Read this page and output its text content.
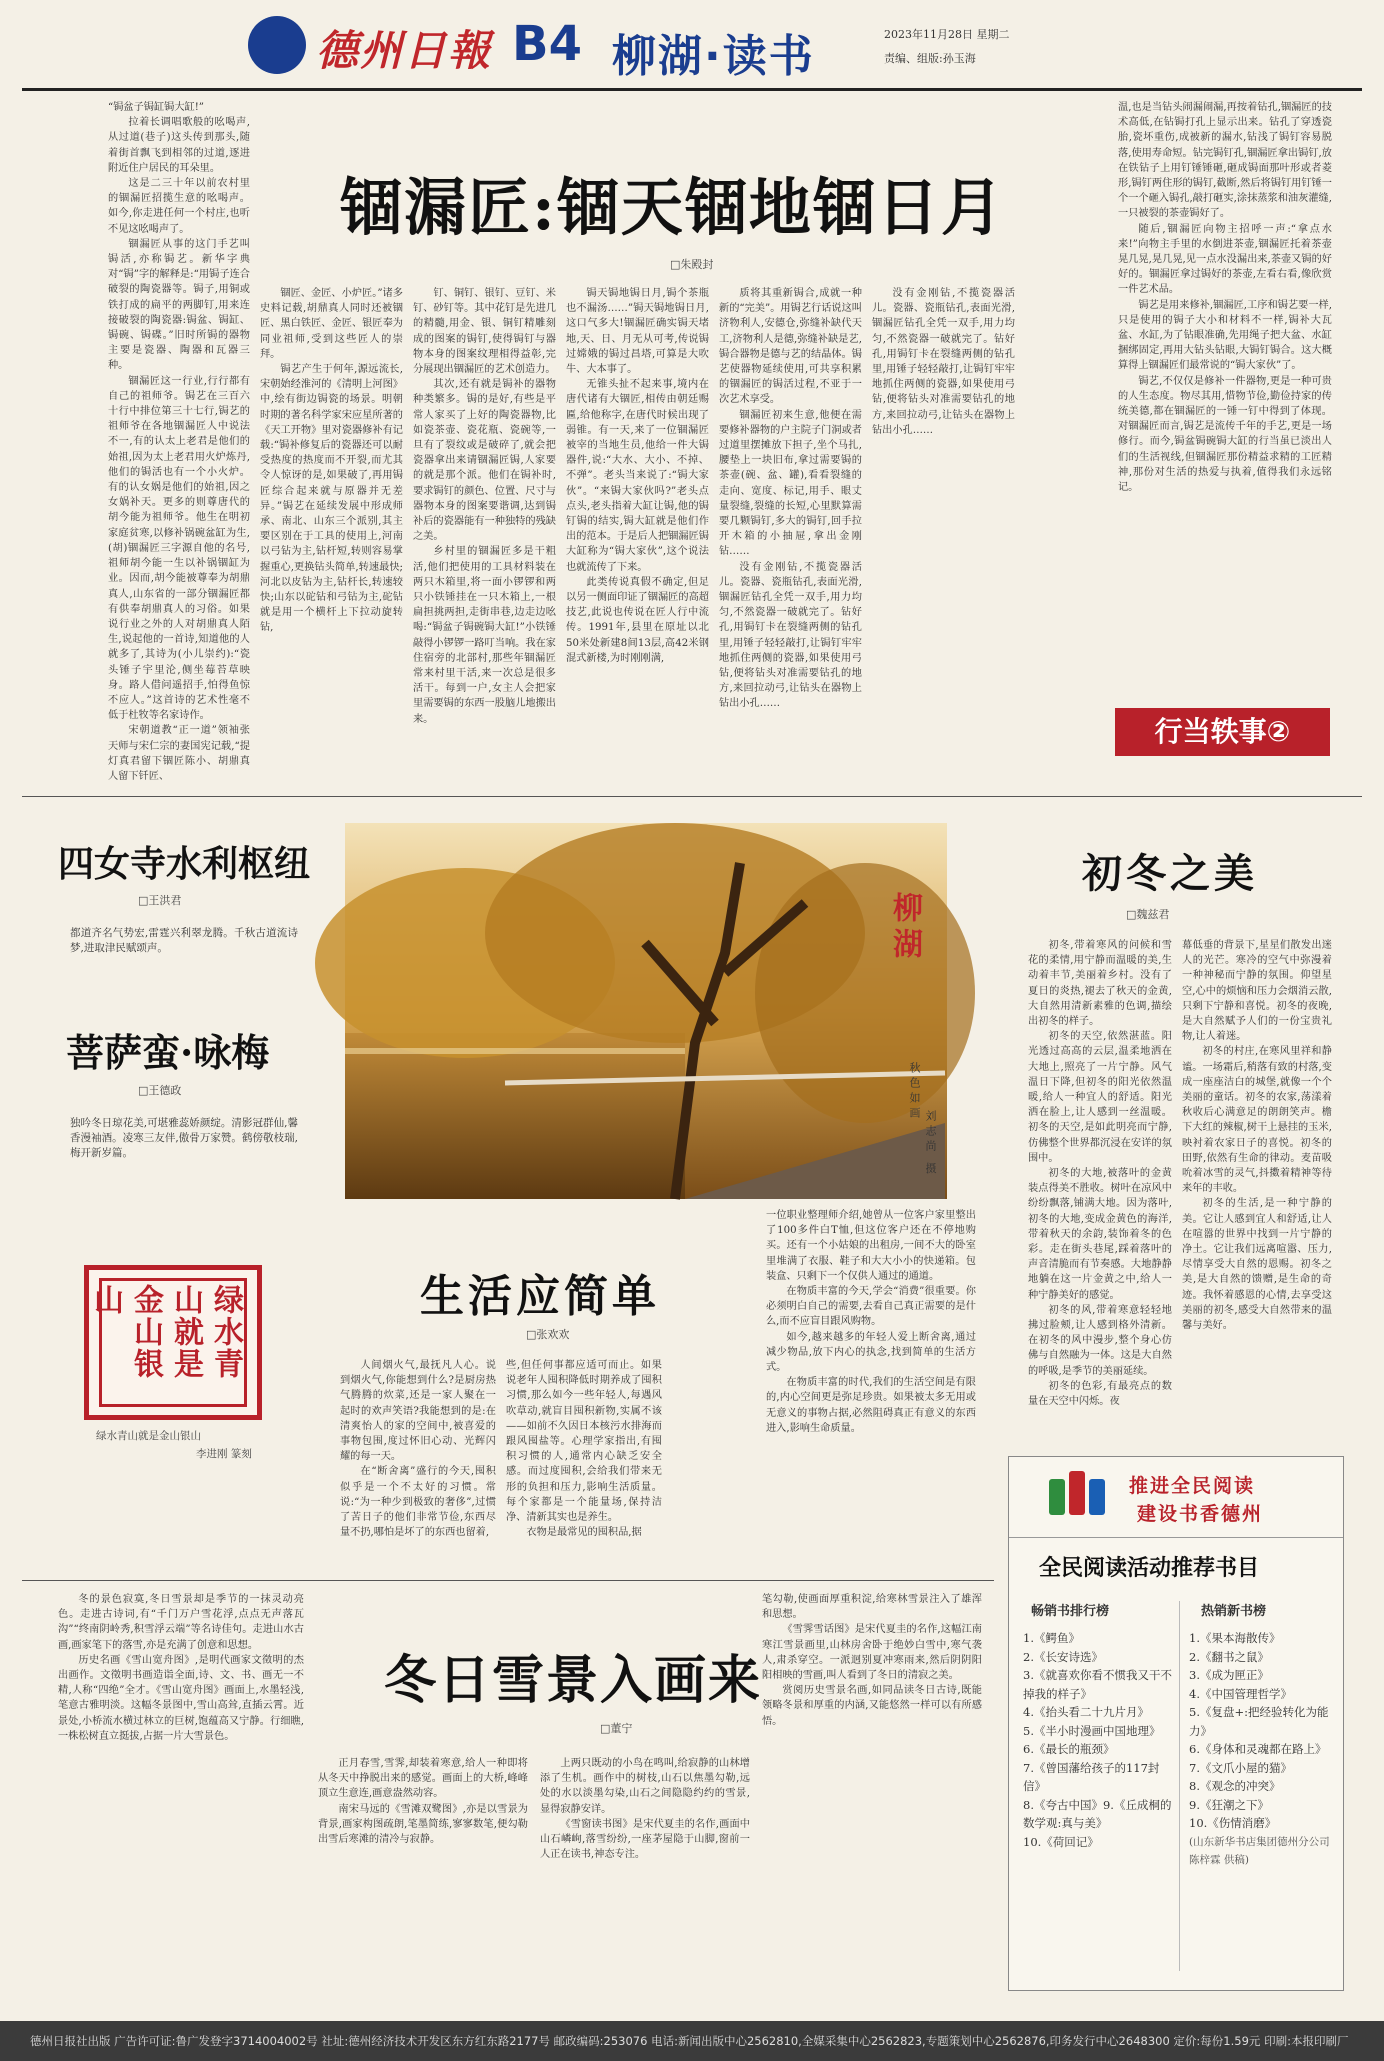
德州日報 B4 柳湖·读书	2023年11月28日 星期二
责编、组版:孙玉海

“锔盆子锔缸锔大缸!”

拉着长调唱歌般的吆喝声,从过道(巷子)这头传到那头,随着街首飘飞到相邻的过道,逐进附近住户居民的耳朵里。

这是二三十年以前农村里的锢漏匠招揽生意的吆喝声。如今,你走进任何一个村庄,也听不见这吆喝声了。

锢漏匠从事的这门手艺叫锔活,亦称锔艺。新华字典对“锔”字的解释是:“用锔子连合破裂的陶瓷器等。锔子,用铜或铁打成的扁平的两脚钉,用来连接破裂的陶瓷器:锔盆、锔缸、锔碗、锔碟。”旧时所锔的器物主要是瓷器、陶器和瓦器三种。

锢漏匠这一行业,行行都有自己的祖师爷。锔艺在三百六十行中排位第三十七行,锔艺的祖师爷在各地锢漏匠人中说法不一,有的认太上老君是他们的始祖,因为太上老君用火炉炼丹,他们的锔活也有一个小火炉。有的认女娲是他们的始祖,因之女娲补天。更多的则尊唐代的胡今能为祖师爷。他生在明初家庭贫寒,以修补锅碗盆缸为生,(胡)锢漏匠三字源自他的名号,祖师胡今能一生以补锅锢缸为业。因而,胡今能被尊奉为胡鼎真人,山东省的一部分锢漏匠都有供奉胡鼎真人的习俗。如果说行业之外的人对胡鼎真人陌生,说起他的一首诗,知道他的人就多了,其诗为(小儿崇约):“瓷头锤子宇里沦,侧坐莓苔草映身。路人借问遥招手,怕得鱼惊不应人。”这首诗的艺术性毫不低于杜牧等名家诗作。

宋朝道教“正一道”领袖张天师与宋仁宗的妻国宪记载,“提灯真君留下锢匠陈小、胡鼎真人留下钎匠、

锢漏匠:锢天锢地锢日月
□朱殿封

锢匠、金匠、小炉匠。”诸多史料记载,胡鼎真人同时还被锢匠、黑白铁匠、金匠、银匠奉为同业祖师,受到这些匠人的崇拜。

锔艺产生于何年,源远流长,宋朝始经淮河的《清明上河图》中,绘有街边锔瓷的场景。明朝时期的著名科学家宋应星所著的《天工开物》里对瓷器修补有记载:“锔补修复后的瓷器还可以耐受热度的热度而不开裂,而尤其令人惊讶的是,如果破了,再用锔匠综合起来就与原器并无差异。”锔艺在延续发展中形成师承、南北、山东三个派别,其主要区别在于工具的使用上,河南以弓钻为主,钻杆短,转则容易掌握重心,更换钻头简单,转速最快;河北以皮钻为主,钻杆长,转速较快;山东以砣钻和弓钻为主,砣钻就是用一个横杆上下拉动旋转钻,

钉、铜钉、银钉、豆钉、米钉、砂钉等。其中花钉是先进几的精髓,用金、银、铜钉精雕刻成的图案的锔钉,使得锔钉与器物本身的图案纹理相得益彰,完分展现出锢漏匠的艺术创造力。

其次,还有就是锔补的器物种类繁多。锔的是好,有些是平常人家买了上好的陶瓷器物,比如瓷茶壶、瓷花瓶、瓷碗等,一旦有了裂纹或是破碎了,就会把瓷器拿出来请锢漏匠锔,人家要的就是那个派。他们在锔补时,要求锔钉的颜色、位置、尺寸与器物本身的图案要谐调,达到锔补后的瓷器能有一种独特的残缺之美。

乡村里的锢漏匠多是干粗活,他们把使用的工具材料装在两只木箱里,将一面小锣锣和两只小铁锤挂在一只木箱上,一根扁担挑两担,走街串巷,边走边吆喝:“锔盆子锔碗锔大缸!”小铁锤敲得小锣锣一路叮当响。我在家住宿旁的北部村,那些年锢漏匠常来村里干活,来一次总是很多活干。每到一户,女主人会把家里需要锔的东西一股脑儿地搬出来。

锔天锔地锔日月,锔个茶瓶也不漏汤……”锔天锔地锔日月,这口气多大!锢漏匠确实锔天堵地,天、日、月无从可考,传说锔过嫦娥的锔过昌塔,可算是大吹牛、大本事了。

无锥头扯不起来事,境内在唐代诸有大锢匠,相传由朝廷赐匾,给他称字,在唐代时候出现了弱锥。有一天,来了一位锢漏匠被宰的当地生员,他给一件大锔器件,说:“大水、大小、不掉、不弹”。老头当来说了:“锔大家伙”。“来锔大家伙吗?”老头点点头,老头指着大缸让锔,他的锔钉锔的结实,锔大缸就是他们作出的范本。于是后人把锢漏匠锔大缸称为“锔大家伙”,这个说法也就流传了下来。

此类传说真假不确定,但足以另一侧面印证了锢漏匠的高超技艺,此说也传说在匠人行中流传。1991年,县里在原址以北50米处新建8间13层,高42米钢混式新楼,为时刚刚满,

质将其重新锔合,成就一种新的“完美”。用锔艺行话说这叫济物利人,安德仓,弥缝补缺代天工,济物利人是德,弥缝补缺是艺,锔合器物是德与艺的结晶体。锔艺使器物延续使用,可共享积累的锢漏匠的锔活过程,不亚于一次艺术享受。

锢漏匠初来生意,他便在需要修补器物的户主院子门洞或者过道里摆摊放下担子,坐个马扎,腰垫上一块旧布,拿过需要锔的茶壶(碗、盆、罐),看看裂缝的走向、宽度、标记,用手、眼丈量裂缝,裂缝的长短,心里默算需要几颗锔钉,多大的锔钉,回手拉开木箱的小抽屉,拿出金刚钻……

没有金刚钻,不揽瓷器活儿。瓷器、瓷瓶钻孔,表面光滑,锢漏匠钻孔全凭一双手,用力均匀,不然瓷器一破就完了。钻好孔,用锔钉卡在裂缝两侧的钻孔里,用锤子轻轻敲打,让锔钉牢牢地抓住两侧的瓷器,如果使用弓钻,便将钻头对准需要钻孔的地方,来回拉动弓,让钻头在器物上钻出小孔……

没有金刚钻,不揽瓷器活儿。瓷器、瓷瓶钻孔,表面光滑,锢漏匠钻孔全凭一双手,用力均匀,不然瓷器一破就完了。钻好孔,用锔钉卡在裂缝两侧的钻孔里,用锤子轻轻敲打,让锔钉牢牢地抓住两侧的瓷器,如果使用弓钻,便将钻头对准需要钻孔的地方,来回拉动弓,让钻头在器物上钻出小孔……

温,也是当钻头闹漏闹漏,再按着钻孔,锢漏匠的技术高低,在钻锔打孔上显示出来。钻孔了穿透瓷胎,瓷坏重伤,成被新的漏水,钻浅了锔钉容易脱落,使用寿命短。钻完锔钉孔,锢漏匠拿出锔钉,放在铁钻子上用钉锤锤砸,砸成锔面那叶形或者菱形,锔钉两住形的锔钉,截断,然后将锔钉用钉锤一个一个砸入锔孔,敲打砸实,涂抹蒸浆和油灰灌缝,一只被裂的茶壶锔好了。

随后,锢漏匠向物主招呼一声:“拿点水来!”向物主手里的水倒进茶壶,锢漏匠托着茶壶晃几晃,晃几晃,见一点水没漏出来,茶壶又锔的好好的。锢漏匠拿过锔好的茶壶,左看右看,像欣赏一件艺术品。

锔艺是用来修补,锢漏匠,工序和锔艺要一样,只是使用的锔子大小和材料不一样,锔补大瓦盆、水缸,为了钻眼准确,先用绳子把大盆、水缸捆绑固定,再用大钻头钻眼,大锔钉锔合。这大概算得上锢漏匠们最常说的“锔大家伙”了。

锔艺,不仅仅是修补一件器物,更是一种可贵的人生态度。物尽其用,惜物节俭,勤俭持家的传统美德,都在锢漏匠的一锤一钉中得到了体现。对锢漏匠而言,锔艺是流传千年的手艺,更是一场修行。而今,锔盆锔碗锔大缸的行当虽已淡出人们的生活视线,但锢漏匠那份精益求精的工匠精神,那份对生活的热爱与执着,值得我们永远铭记。

行当轶事②
四女寺水利枢纽
□王洪君

都道齐名气势宏,雷霆兴利翠龙腾。千秋古道流诗梦,进取津民赋颂声。

菩萨蛮·咏梅
□王德政

独吟冬日琼花美,可堪雅蕊娇颜绽。清影冠群仙,馨香漫袖酒。凌寒三友伴,傲骨万家赞。鹤傍敬枝瑞,梅开新岁篇。

绿水青山就是金山银山
绿水青山就是金山银山
李进刚 篆刻
柳湖
秋色如画
刘志尚 摄
初冬之美
□魏兹君

初冬,带着寒风的问候和雪花的柔情,用宁静而温暖的美,生动着丰节,美丽着乡村。没有了夏日的炎热,褪去了秋天的金黄,大自然用清新素雅的色调,描绘出初冬的样子。

初冬的天空,依然湛蓝。阳光透过高高的云层,温柔地洒在大地上,照亮了一片宁静。风气温日下降,但初冬的阳光依然温暖,给人一种宜人的舒适。阳光洒在脸上,让人感到一丝温暖。初冬的天空,是如此明亮而宁静,仿佛整个世界都沉浸在安详的氛围中。

初冬的大地,被落叶的金黄装点得美不胜收。树叶在凉风中纷纷飘落,铺满大地。因为落叶,初冬的大地,变成金黄色的海洋,带着秋天的余韵,装饰着冬的色彩。走在街头巷尾,踩着落叶的声音清脆而有节奏感。大地静静地躺在这一片金黄之中,给人一种宁静美好的感觉。

初冬的风,带着寒意轻轻地拂过脸颊,让人感到格外清新。在初冬的风中漫步,整个身心仿佛与自然融为一体。这是大自然的呼吸,是季节的美丽延续。

初冬的色彩,有最亮点的数量在天空中闪烁。夜

幕低垂的背景下,星星们散发出迷人的光芒。寒冷的空气中弥漫着一种神秘而宁静的氛围。仰望星空,心中的烦恼和压力会烟消云散,只剩下宁静和喜悦。初冬的夜晚,是大自然赋予人们的一份宝贵礼物,让人着迷。

初冬的村庄,在寒风里祥和静谧。一场霜后,稍落有致的村落,变成一座座洁白的城堡,就像一个个美丽的童话。初冬的农家,荡漾着秋收后心满意足的朗朗笑声。檐下大红的辣椒,树干上悬挂的玉米,映衬着农家日子的喜悦。初冬的田野,依然有生命的律动。麦苗吸吮着冰雪的灵气,抖擞着精神等待来年的丰收。

初冬的生活,是一种宁静的美。它让人感到宜人和舒适,让人在喧嚣的世界中找到一片宁静的净土。它让我们远离喧嚣、压力,尽情享受大自然的恩赐。初冬之美,是大自然的馈赠,是生命的奇迹。我怀着感恩的心情,去享受这美丽的初冬,感受大自然带来的温馨与美好。

生活应简单
□张欢欢

人间烟火气,最抚凡人心。说到烟火气,你能想到什么?是厨房热气腾腾的炊菜,还是一家人聚在一起时的欢声笑语?我能想到的是:在清爽怡人的家的空间中,被喜爱的事物包围,度过怀旧心动、光辉闪耀的每一天。

在“断舍离”盛行的今天,囤积似乎是一个不太好的习惯。常说:“为一种少到极致的奢侈”,过惯了苦日子的他们非常节俭,东西尽量不扔,哪怕是坏了的东西也留着,

些,但任何事都应适可而止。如果说老年人囤积降低时期养成了囤积习惯,那么如今一些年轻人,每遇风吹草动,就盲目囤积新物,实属不该——如前不久因日本核污水排海而跟风囤盐等。心理学家指出,有囤积习惯的人,通常内心缺乏安全感。而过度囤积,会给我们带来无形的负担和压力,影响生活质量。每个家都是一个能量场,保持洁净、清新其实也是养生。

衣物是最常见的囤积品,据

一位职业整理师介绍,她曾从一位客户家里整出了100多件白T恤,但这位客户还在不停地购买。还有一个小姑娘的出租房,一间不大的卧室里堆满了衣服、鞋子和大大小小的快递箱。包装盒、只剩下一个仅供人通过的通道。

在物质丰富的今天,学会“消费”很重要。你必须明白自己的需要,去看自己真正需要的是什么,而不应盲目跟风购物。

如今,越来越多的年轻人爱上断舍离,通过减少物品,放下内心的执念,找到简单的生活方式。

在物质丰富的时代,我们的生活空间是有限的,内心空间更是弥足珍贵。如果被太多无用或无意义的事物占据,必然阻碍真正有意义的东西进入,影响生命质量。

冬的景色寂寞,冬日雪景却是季节的一抹灵动亮色。走进古诗词,有“千门万户雪花浮,点点无声落瓦沟”“终南阴岭秀,积雪浮云端”等名诗佳句。走进山水古画,画家笔下的落雪,亦是充满了创意和思想。

历史名画《雪山宽舟图》,是明代画家文徵明的杰出画作。文徵明书画造诣全面,诗、文、书、画无一不精,人称“四绝”全才。《雪山宽舟图》画面上,水墨轻浅,笔意古雅明淡。这幅冬景图中,雪山高耸,直插云霄。近景处,小桥流水横过林立的巨树,饱蕴高又宁静。行细瞧,一株松树直立挺拔,占据一片大雪景色。

冬日雪景入画来
□董宁

正月春雪,雪霁,却装着寒意,给人一种即将从冬天中挣脱出来的感觉。画面上的大桥,峰峰顶立生意连,画意盎然动容。

南宋马远的《雪滩双鹭图》,亦是以雪景为背景,画家构图疏朗,笔墨简练,寥寥数笔,便勾勒出雪后寒滩的清冷与寂静。

上两只既动的小鸟在鸣叫,给寂静的山林增添了生机。画作中的树枝,山石以焦墨勾勒,远处的水以淡墨勾染,山石之间隐隐约约的雪景,显得寂静安详。

《雪窗读书图》是宋代夏圭的名作,画面中山石嶙峋,落雪纷纷,一座茅屋隐于山脚,窗前一人正在读书,神态专注。

笔勾勒,使画面厚重积淀,给寒林雪景注入了雄浑和思想。

《雪霁雪话图》是宋代夏圭的名作,这幅江南寒江雪景画里,山林房舍卧于绝妙白雪中,寒气袭人,肃杀穿空。一派迥别夏冲寒雨来,然后阴阴阳阳相映的雪画,叫人看到了冬日的清寂之美。

赏阅历史雪景名画,如同品读冬日古诗,既能领略冬景和厚重的内涵,又能悠然一样可以有所感悟。

推进全民阅读
建设书香德州
全民阅读活动推荐书目
畅销书排行榜	热销新书榜
1.《鳄鱼》
2.《长安诗选》
3.《就喜欢你看不惯我又干不掉我的样子》
4.《抬头看二十九片月》
5.《半小时漫画中国地理》
6.《最长的瓶颈》
7.《曾国藩给孩子的117封信》
8.《夸古中国》9.《丘成桐的数学观:真与美》
10.《荷回记》
1.《果本海散传》
2.《翻书之鼠》
3.《成为匣正》
4.《中国管理哲学》
5.《复盘+:把经验转化为能力》
6.《身体和灵魂都在路上》
7.《文爪小屋的猫》
8.《观念的冲突》
9.《狂潮之下》
10.《伤情消磨》
(山东新华书店集团德州分公司 陈梓霖 供稿)
德州日报社出版 广告许可证:鲁广发登字3714004002号 社址:德州经济技术开发区东方红东路2177号 邮政编码:253076 电话:新闻出版中心2562810,全媒采集中心2562823,专题策划中心2562876,印务发行中心2648300 定价:每份1.59元 印刷:本报印刷厂
